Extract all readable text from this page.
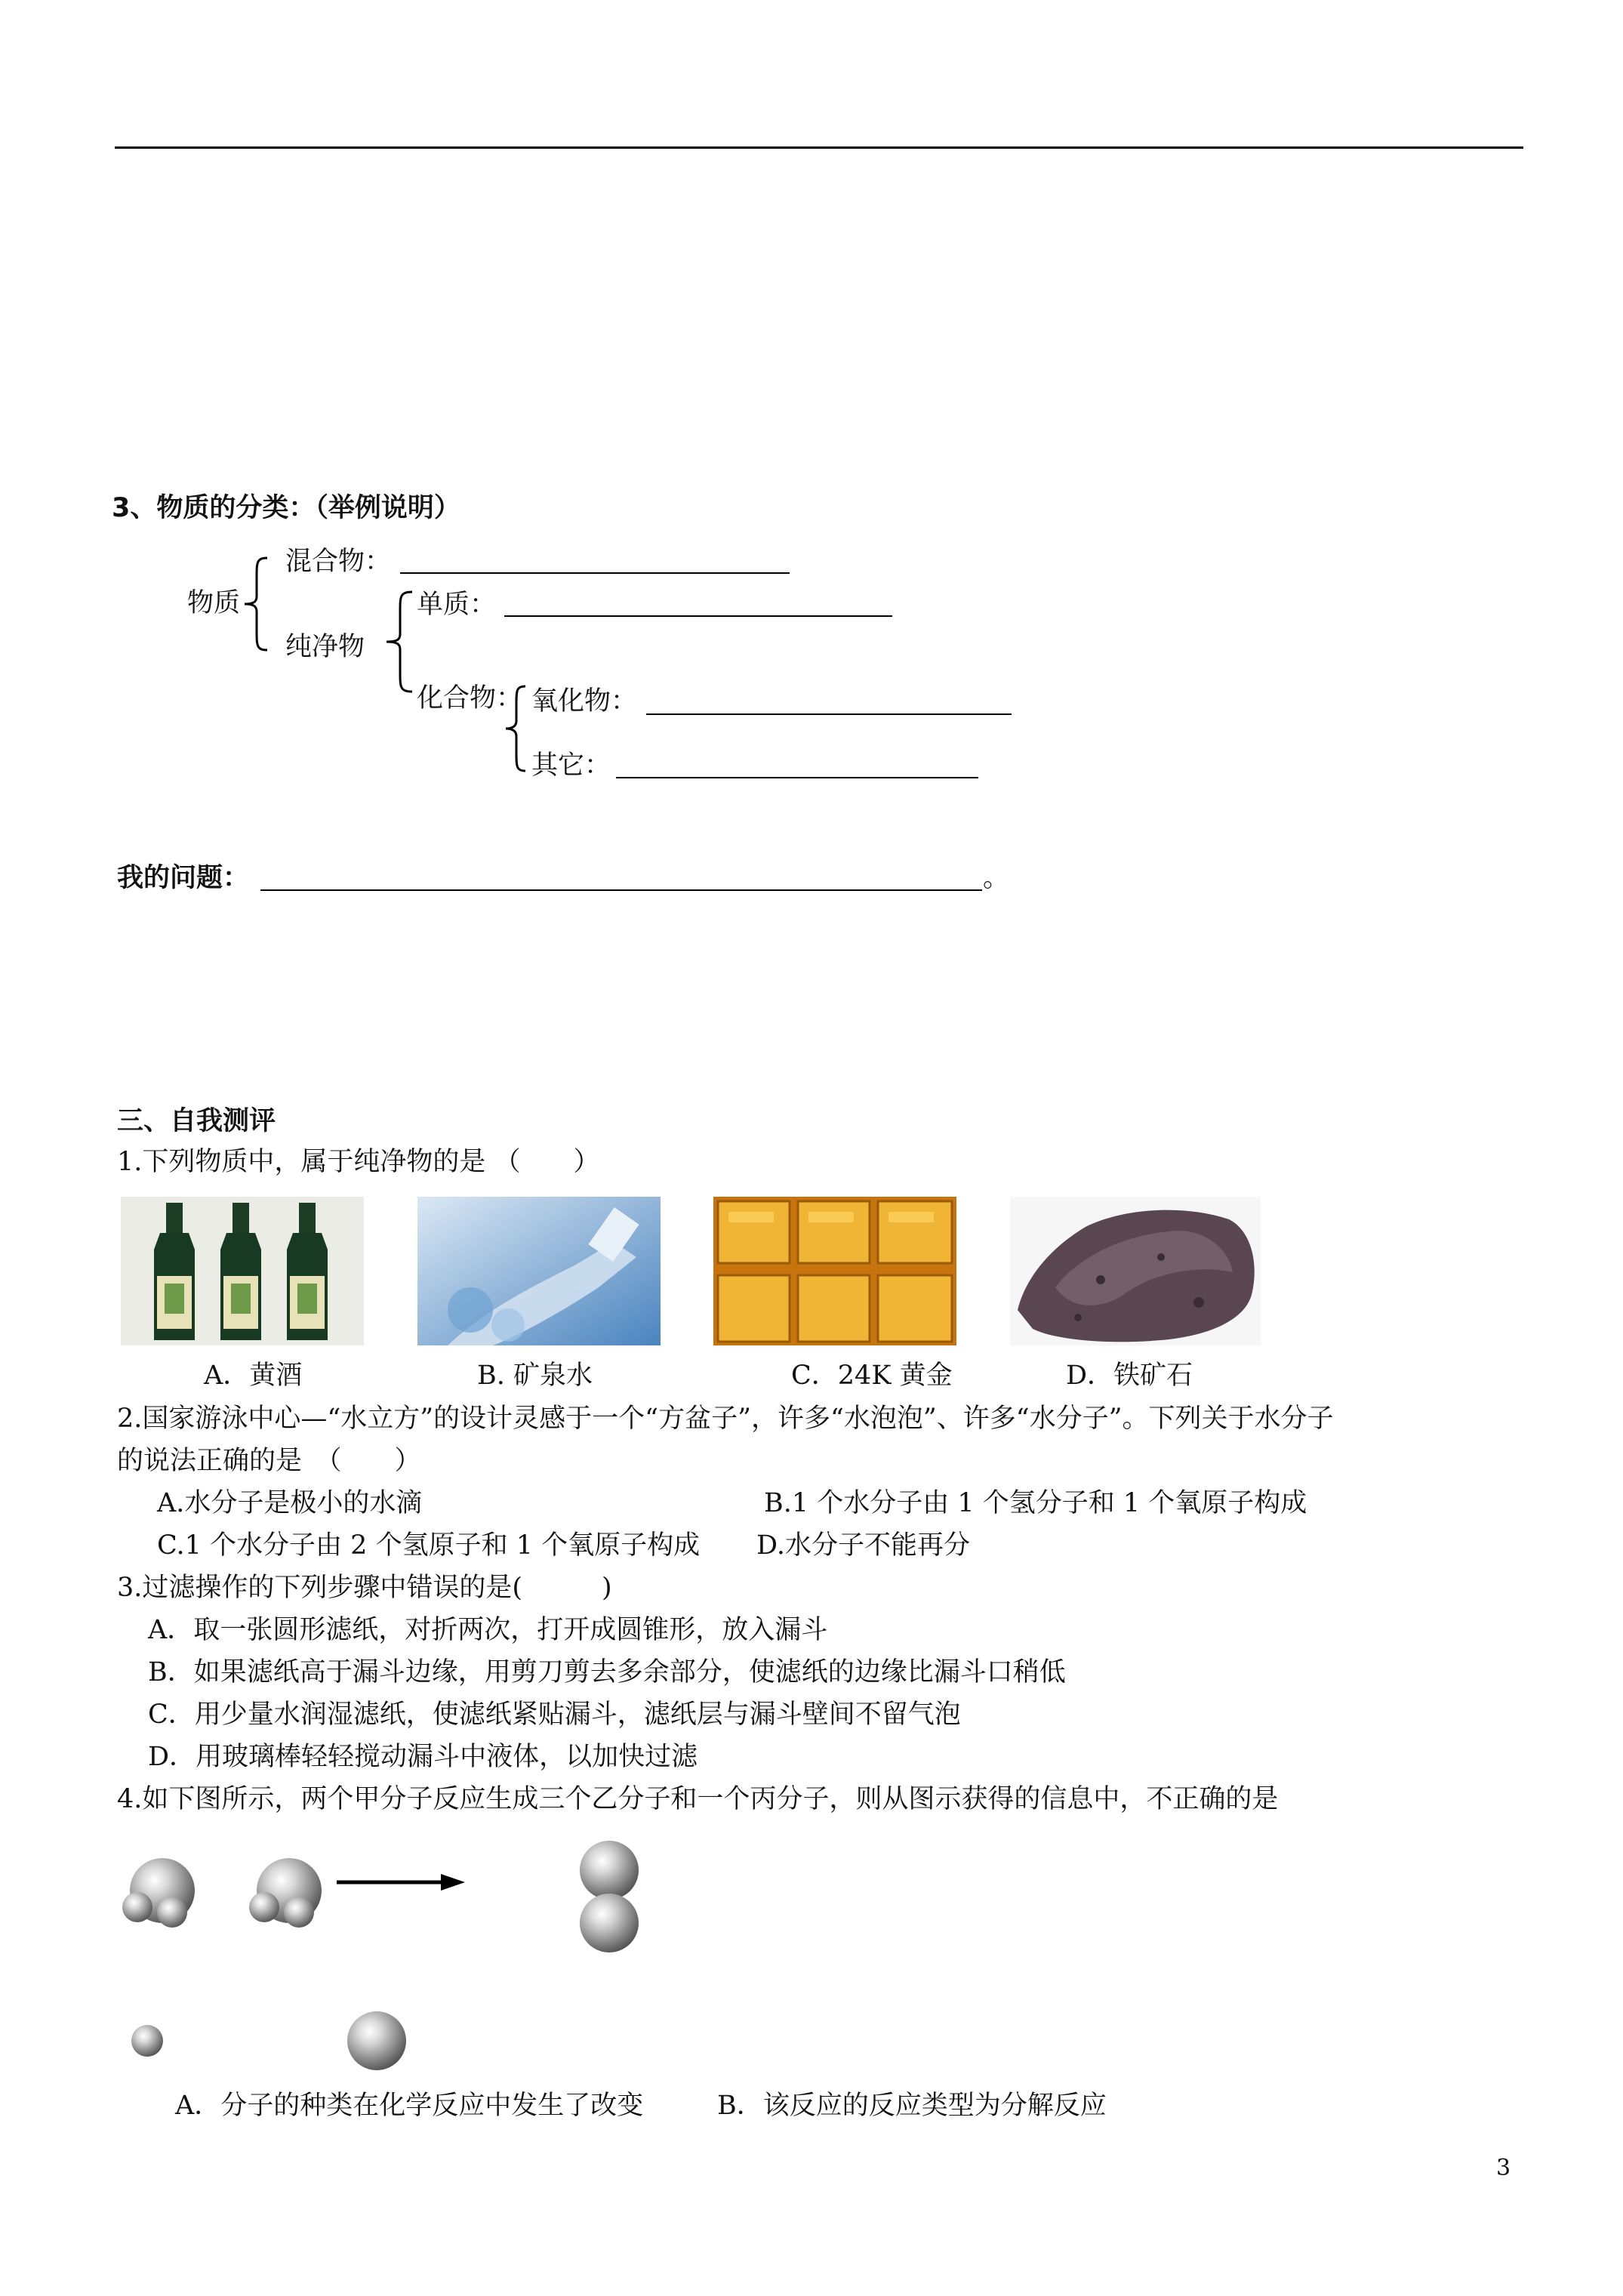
3、物质的分类：（举例说明）
物质
混合物：
纯净物
单质：
化合物： 氧化物：
其它：
我的问题：	。
三、自我测评
1.下列物质中，属于纯净物的是 （　　）
A．黄酒	B. 矿泉水	C．24K 黄金	D．铁矿石
2.国家游泳中心—“水立方”的设计灵感于一个“方盆子”，许多“水泡泡”、许多“水分子”。下列关于水分子
的说法正确的是　（　　）
A.水分子是极小的水滴	B.1 个水分子由 1 个氢分子和 1 个氧原子构成
C.1 个水分子由 2 个氢原子和 1 个氧原子构成 D.水分子不能再分
3.过滤操作的下列步骤中错误的是(　　　)
A．取一张圆形滤纸，对折两次，打开成圆锥形，放入漏斗
B．如果滤纸高于漏斗边缘，用剪刀剪去多余部分，使滤纸的边缘比漏斗口稍低
C．用少量水润湿滤纸，使滤纸紧贴漏斗，滤纸层与漏斗壁间不留气泡
D．用玻璃棒轻轻搅动漏斗中液体，以加快过滤
4.如下图所示，两个甲分子反应生成三个乙分子和一个丙分子，则从图示获得的信息中，不正确的是
A．分子的种类在化学反应中发生了改变	B．该反应的反应类型为分解反应
3
